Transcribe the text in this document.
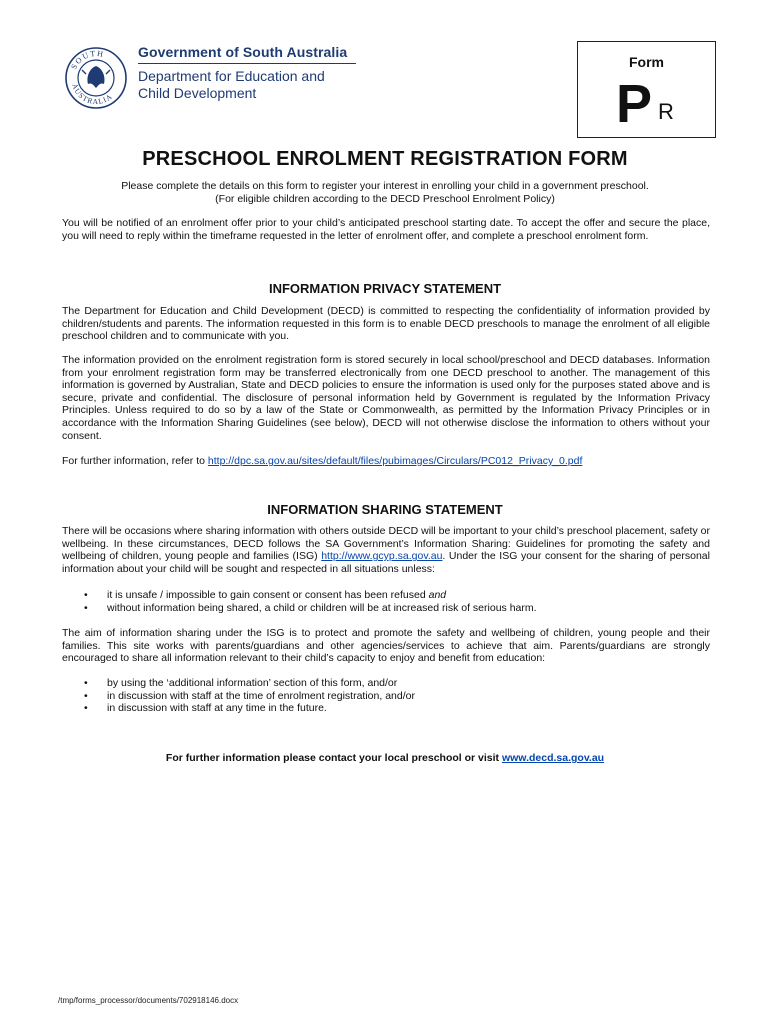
SOUTH
AUSTRALIA
Government of South Australia
Department for Education and
Child Development
Form
P R
PRESCHOOL ENROLMENT REGISTRATION FORM
Please complete the details on this form to register your interest in enrolling your child in a government preschool.
(For eligible children according to the DECD Preschool Enrolment Policy)
You will be notified of an enrolment offer prior to your child’s anticipated preschool starting date. To accept the offer and secure the place, you will need to reply within the timeframe requested in the letter of enrolment offer, and complete a preschool enrolment form.
INFORMATION PRIVACY STATEMENT
The Department for Education and Child Development (DECD) is committed to respecting the confidentiality of information provided by children/students and parents. The information requested in this form is to enable DECD preschools to manage the enrolment of all eligible preschool children and to communicate with you.
The information provided on the enrolment registration form is stored securely in local school/preschool and DECD databases. Information from your enrolment registration form may be transferred electronically from one DECD preschool to another. The management of this information is governed by Australian, State and DECD policies to ensure the information is used only for the purposes stated above and is secure, private and confidential. The disclosure of personal information held by Government is regulated by the Information Privacy Principles. Unless required to do so by a law of the State or Commonwealth, as permitted by the Information Privacy Principles or in accordance with the Information Sharing Guidelines (see below), DECD will not otherwise disclose the information to others without your consent.
For further information, refer to http://dpc.sa.gov.au/sites/default/files/pubimages/Circulars/PC012_Privacy_0.pdf
INFORMATION SHARING STATEMENT
There will be occasions where sharing information with others outside DECD will be important to your child’s preschool placement, safety or wellbeing. In these circumstances, DECD follows the SA Government’s Information Sharing: Guidelines for promoting the safety and wellbeing of children, young people and families (ISG) http://www.gcyp.sa.gov.au. Under the ISG your consent for the sharing of personal information about your child will be sought and respected in all situations unless:
• it is unsafe / impossible to gain consent or consent has been refused and
• without information being shared, a child or children will be at increased risk of serious harm.
The aim of information sharing under the ISG is to protect and promote the safety and wellbeing of children, young people and their families. This site works with parents/guardians and other agencies/services to achieve that aim. Parents/guardians are strongly encouraged to share all information relevant to their child’s capacity to enjoy and benefit from education:
• by using the ‘additional information’ section of this form, and/or
• in discussion with staff at the time of enrolment registration, and/or
• in discussion with staff at any time in the future.
For further information please contact your local preschool or visit www.decd.sa.gov.au
/tmp/forms_processor/documents/702918146.docx
